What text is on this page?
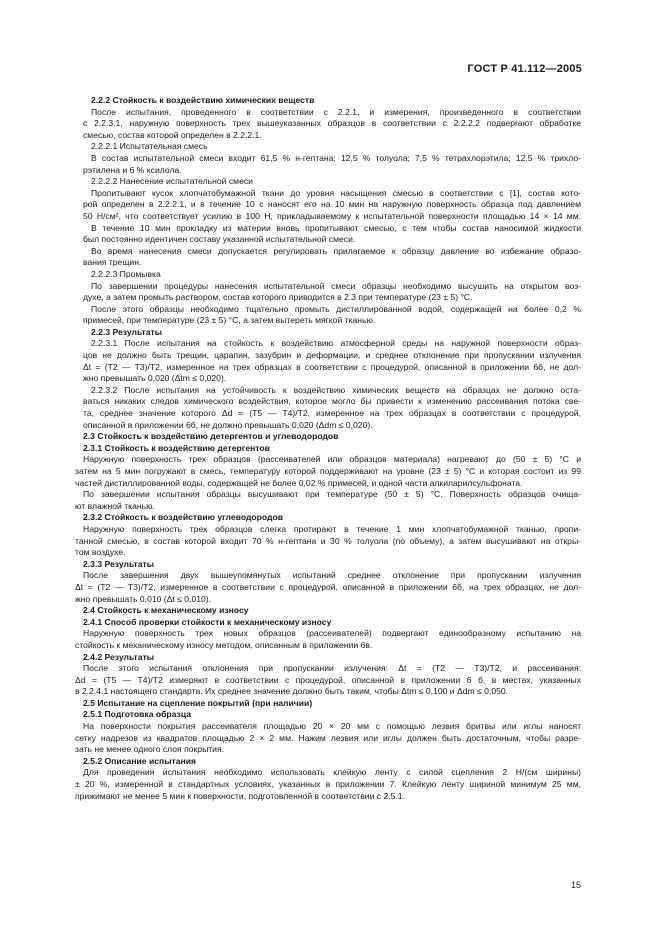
ГОСТ Р 41.112—2005
2.2.2 Стойкость к воздействию химических веществ
После испытания, проведенного в соответствии с 2.2.1, и измерения, произведенного в соответствии
с 2.2.3.1, наружную поверхность трех вышеуказанных образцов в соответствии с 2.2.2.2 подвергают обработке
смесью, состав которой определен в 2.2.2.1.
2.2.2.1 Испытательная смесь
В состав испытательной смеси входит 61,5 % н-гептана; 12,5 % толуола; 7,5 % тетрахлорэтила; 12,5 % трихло-
рэтилена и 6 % ксилола.
2.2.2.2 Нанесение испытательной смеси
Пропитывают кусок хлопчатобумажной ткани до уровня насыщения смесью в соответствии с [1], состав кото-
рой определен в 2.2.2.1, и в течение 10 с наносят его на 10 мин на наружную поверхность образца под давлением
50 Н/см², что соответствует усилию в 100 Н, прикладываемому к испытательной поверхности площадью 14 × 14 мм.
В течение 10 мин прокладку из материи вновь пропитывают смесью, с тем чтобы состав наносимой жидкости
был постоянно идентичен составу указанной испытательной смеси.
Во время нанесения смеси допускается регулировать прилагаемое к образцу давление во избежание образо-
вания трещин.
2.2.2.3 Промывка
По завершении процедуры нанесения испытательной смеси образцы необходимо высушить на открытом воз-
духе, а затем промыть раствором, состав которого приводится в 2.3 при температуре (23 ± 5) °С.
После этого образцы необходимо тщательно промыть дистиллированной водой, содержащей на более 0,2 %
примесей, при температуре (23 ± 5) °С, а затем вытереть мягкой тканью.
2.2.3 Результаты
2.2.3.1 После испытания на стойкость к воздействию атмосферной среды на наружной поверхности образ-
цов не должно быть трещин, царапин, зазубрин и деформации, и среднее отклонение при пропускании излучения
Δt = (T2 — T3)/T2, измеренное на трех образцах в соответствии с процедурой, описанной в приложении 6б, не дол-
жно превышать 0,020 (Δtm ≤ 0,020).
2.2.3.2 После испытания на устойчивость к воздействию химических веществ на образцах не должно оста-
ваться никаких следов химического воздействия, которое могло бы привести к изменению рассеивания потока све-
та, среднее значение которого Δd = (T5 — T4)/T2, измеренное на трех образцах в соответствии с процедурой,
описанной в приложении 6б, не должно превышать 0,020 (Δdm ≤ 0,020).
2.3 Стойкость к воздействию детергентов и углеводородов
2.3.1 Стойкость к воздействию детергентов
Наружную поверхность трех образцов (рассеивателей или образцов материала) нагревают до (50 ± 5) °С и
затем на 5 мин погружают в смесь, температуру которой поддерживают на уровне (23 ± 5) °С и которая состоит из 99
частей дистиллированной воды, содержащей не более 0,02 % примесей, и одной части алкиларилсульфоната.
По завершении испытания образцы высушивают при температуре (50 ± 5) °С. Поверхность образцов очища-
ют влажной тканью.
2.3.2 Стойкость к воздействию углеводородов
Наружную поверхность трех образцов слегка протирают в течение 1 мин хлопчатобумажной тканью, пропи-
танной смесью, в состав которой входит 70 % н-гептана и 30 % толуола (по объему), а затем высушивают на откры-
том воздухе.
2.3.3 Результаты
После завершения двух вышеупомянутых испытаний среднее отклонение при пропускании излучения
Δt = (T2 — T3)/T2, измеренное в соответствии с процедурой, описанной в приложении 6б, на трех образцах, не дол-
жно превышать 0,010 (Δt ≤ 0,010).
2.4 Стойкость к механическому износу
2.4.1 Способ проверки стойкости к механическому износу
Наружную поверхность трех новых образцов (рассеивателей) подвергают единообразному испытанию на
стойкость к механическому износу методом, описанным в приложении 6в.
2.4.2 Результаты
После этого испытания отклонения при пропускании излучения: Δt = (T2 — T3)/T2, и рассеивания:
Δd = (T5 — T4)/T2 измеряют в соответствии с процедурой, описанной в приложении 6 б, в местах, указанных
в 2.2.4.1 настоящего стандарта. Их среднее значение должно быть таким, чтобы Δtm ≤ 0,100 и Δdm ≤ 0,050.
2.5 Испытание на сцепление покрытий (при наличии)
2.5.1 Подготовка образца
На поверхности покрытия рассеивателя площадью 20 × 20 мм с помощью лезвия бритвы или иглы наносят
сетку надрезов из квадратов площадью 2 × 2 мм. Нажим лезвия или иглы должен быть достаточным, чтобы разре-
зать не менее одного слоя покрытия.
2.5.2 Описание испытания
Для проведения испытания необходимо использовать клейкую ленту с силой сцепления 2 Н/(см ширины)
± 20 %, измеренной в стандартных условиях, указанных в приложении 7. Клейкую ленту шириной минимум 25 мм,
прижимают не менее 5 мин к поверхности, подготовленной в соответствии с 2.5.1.
15
